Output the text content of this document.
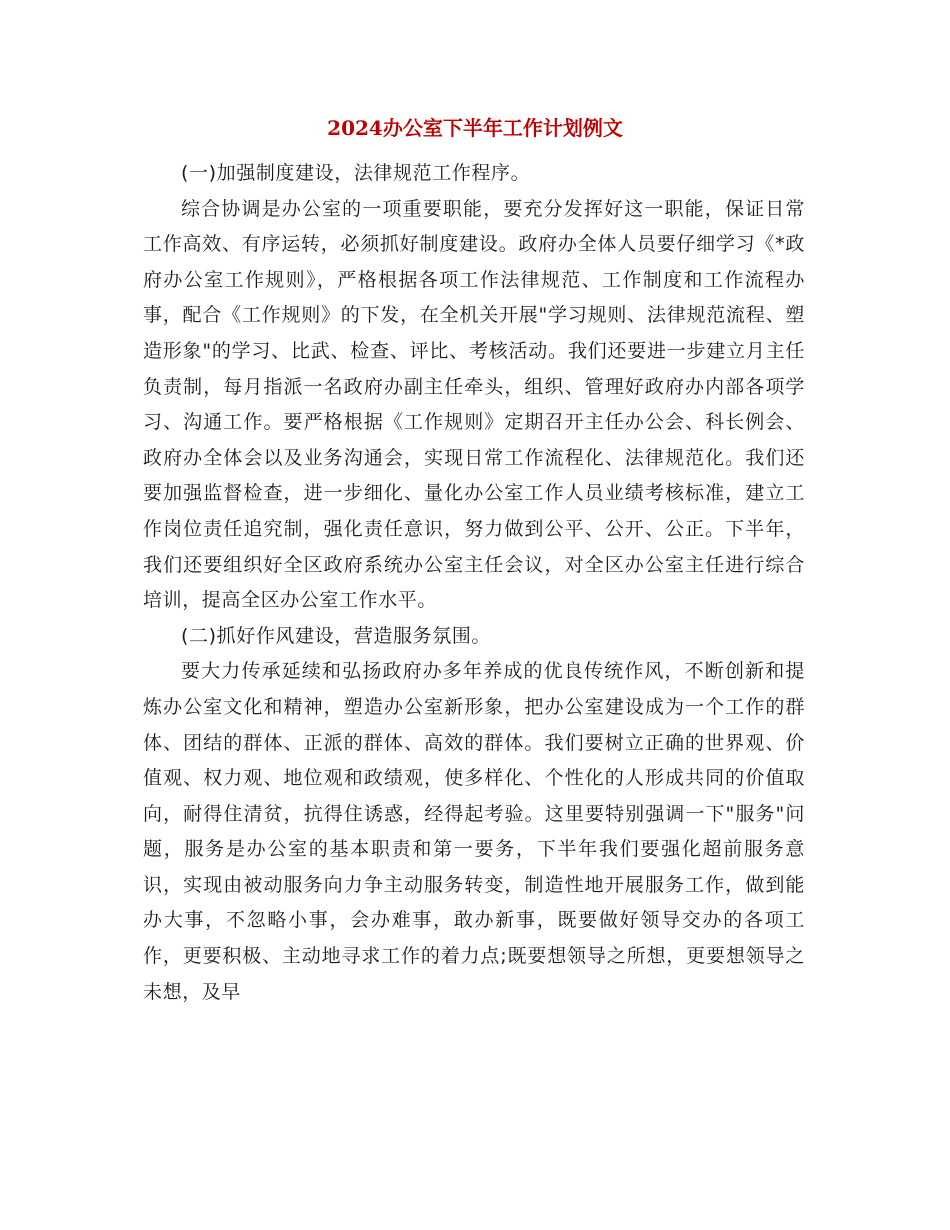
2024办公室下半年工作计划例文

(一)加强制度建设，法律规范工作程序。

综合协调是办公室的一项重要职能，要充分发挥好这一职能，保证日常工作高效、有序运转，必须抓好制度建设。政府办全体人员要仔细学习《*政府办公室工作规则》，严格根据各项工作法律规范、工作制度和工作流程办事，配合《工作规则》的下发，在全机关开展"学习规则、法律规范流程、塑造形象"的学习、比武、检查、评比、考核活动。我们还要进一步建立月主任负责制，每月指派一名政府办副主任牵头，组织、管理好政府办内部各项学习、沟通工作。要严格根据《工作规则》定期召开主任办公会、科长例会、政府办全体会以及业务沟通会，实现日常工作流程化、法律规范化。我们还要加强监督检查，进一步细化、量化办公室工作人员业绩考核标准，建立工作岗位责任追究制，强化责任意识，努力做到公平、公开、公正。下半年，我们还要组织好全区政府系统办公室主任会议，对全区办公室主任进行综合培训，提高全区办公室工作水平。

(二)抓好作风建设，营造服务氛围。

要大力传承延续和弘扬政府办多年养成的优良传统作风，不断创新和提炼办公室文化和精神，塑造办公室新形象，把办公室建设成为一个工作的群体、团结的群体、正派的群体、高效的群体。我们要树立正确的世界观、价值观、权力观、地位观和政绩观，使多样化、个性化的人形成共同的价值取向，耐得住清贫，抗得住诱惑，经得起考验。这里要特别强调一下"服务"问题，服务是办公室的基本职责和第一要务，下半年我们要强化超前服务意识，实现由被动服务向力争主动服务转变，制造性地开展服务工作，做到能办大事，不忽略小事，会办难事，敢办新事，既要做好领导交办的各项工作，更要积极、主动地寻求工作的着力点;既要想领导之所想，更要想领导之未想，及早
